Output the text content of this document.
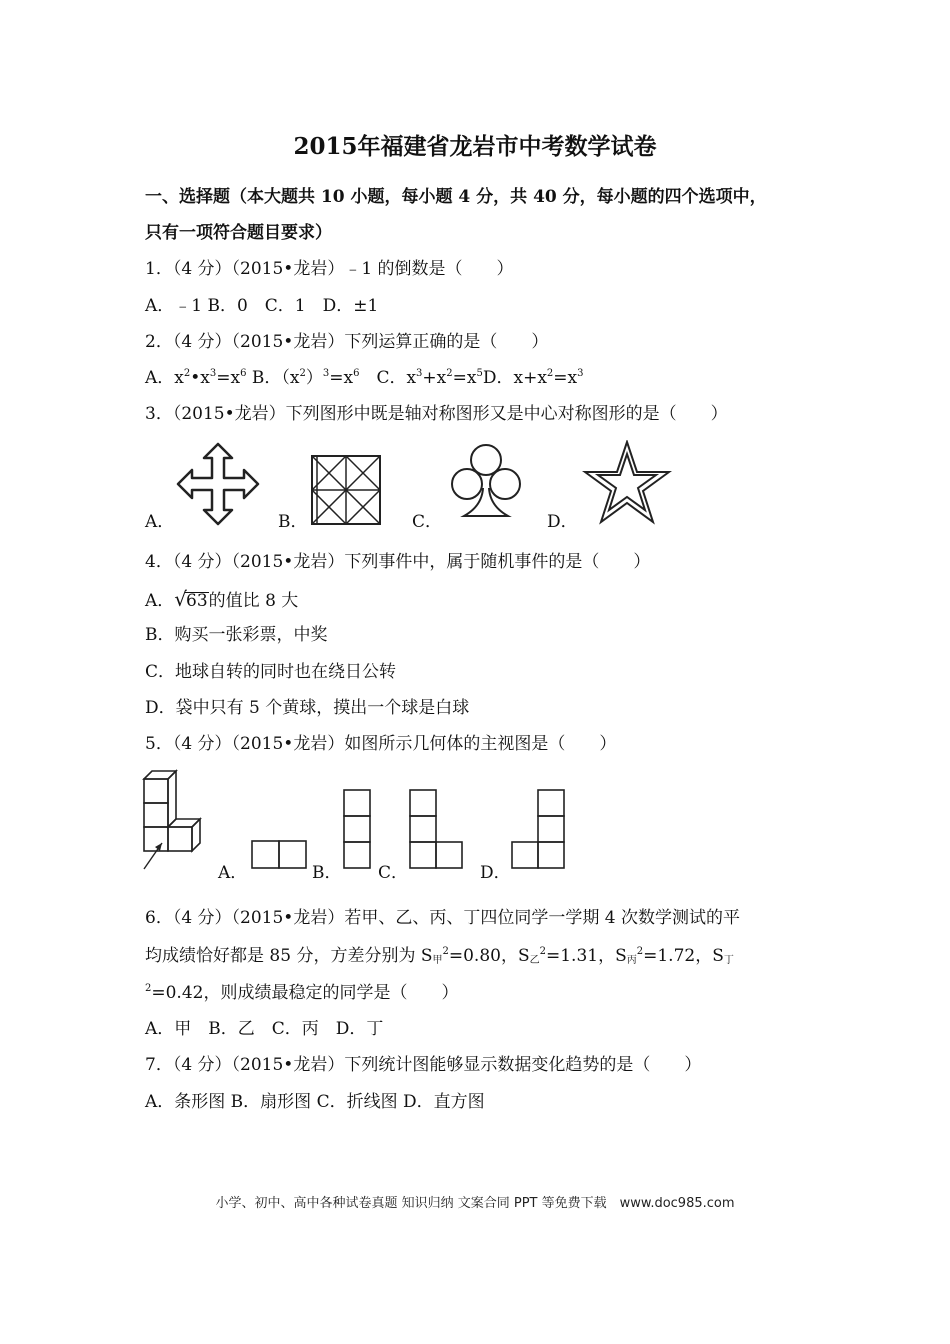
2015年福建省龙岩市中考数学试卷
一、选择题（本大题共 10 小题，每小题 4 分，共 40 分，每小题的四个选项中，
只有一项符合题目要求）
1．（4 分）（2015•龙岩）﹣1 的倒数是（　　）
A．﹣1 B．0　C．1　D．±1
2．（4 分）（2015•龙岩）下列运算正确的是（　　）
A．$x^2•x^3=x^6$ B．$(x^2)^3=x^6$　 C．$x^3+x^2=x^5D$．$x+x^2=x^3$
3．（2015•龙岩）下列图形中既是轴对称图形又是中心对称图形的是（　　）
A．	B．	C．	D．
4．（4 分）（2015•龙岩）下列事件中，属于随机事件的是（　　）
A．√63的值比 8 大
B．购买一张彩票，中奖
C．地球自转的同时也在绕日公转
D．袋中只有 5 个黄球，摸出一个球是白球
5．（4 分）（2015•龙岩）如图所示几何体的主视图是（　　）
A．	B． C．	D．
6．（4 分）（2015•龙岩）若甲、乙、丙、丁四位同学一学期 4 次数学测试的平
均成绩恰好都是 85 分，方差分别为 $S_甲^2=0.80$，$S_乙^2=1.31$，$S_丙^2=1.72$，$S_丁$
$^2$=0.42，则成绩最稳定的同学是（　　）
A．甲　B．乙　C．丙　D．丁
7．（4 分）（2015•龙岩）下列统计图能够显示数据变化趋势的是（　　）
A．条形图 B．扇形图 C．折线图 D．直方图
小学、初中、高中各种试卷真题 知识归纳 文案合同 PPT 等免费下载　www.doc985.com
